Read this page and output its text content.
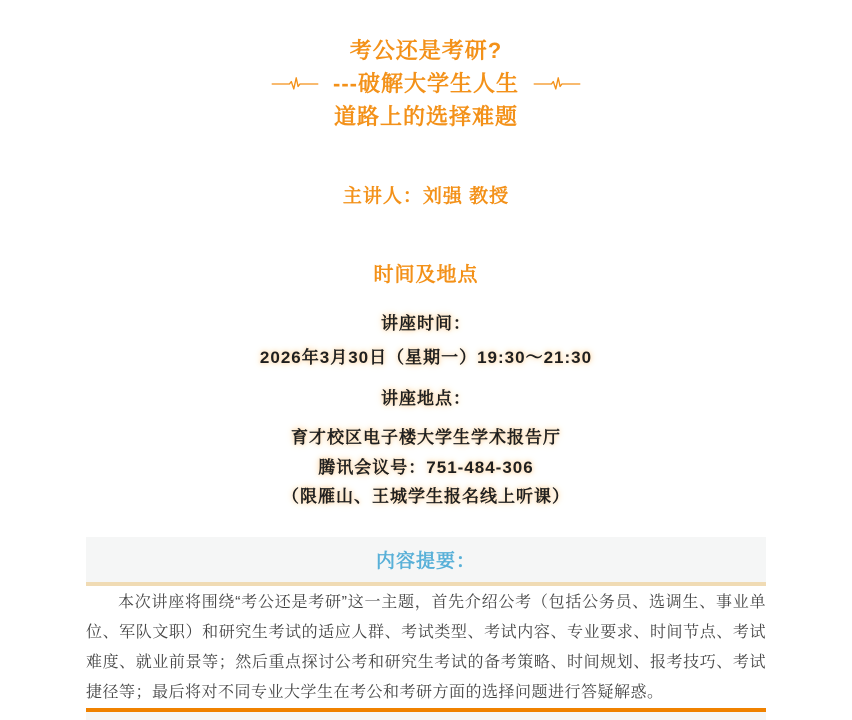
考公还是考研?
---破解大学生人生
道路上的选择难题
主讲人：刘强 教授
时间及地点
讲座时间：
2026年3月30日（星期一）19:30～21:30
讲座地点：
育才校区电子楼大学生学术报告厅
腾讯会议号：751-484-306
（限雁山、王城学生报名线上听课）
内容提要：

本次讲座将围绕“考公还是考研”这一主题，首先介绍公考（包括公务员、选调生、事业单位、军队文职）和研究生考试的适应人群、考试类型、考试内容、专业要求、时间节点、考试难度、就业前景等；然后重点探讨公考和研究生考试的备考策略、时间规划、报考技巧、考试捷径等；最后将对不同专业大学生在考公和考研方面的选择问题进行答疑解惑。
